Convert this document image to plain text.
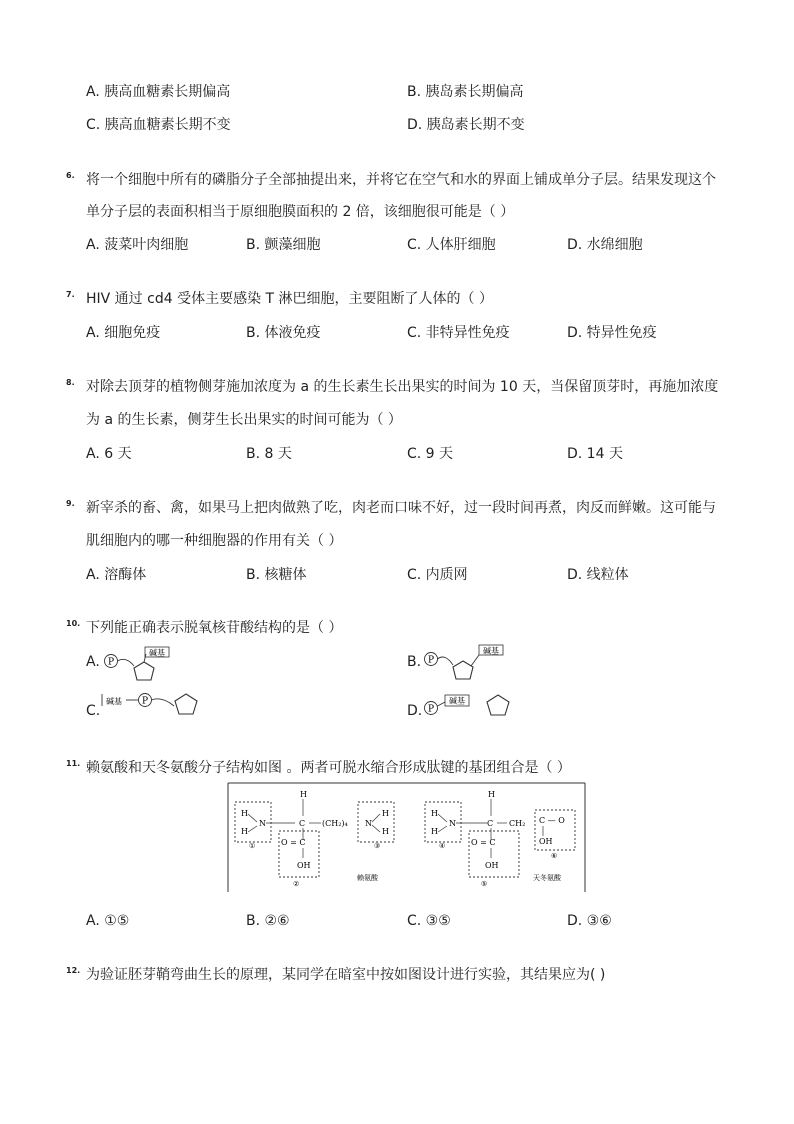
A. 胰高血糖素长期偏高	B. 胰岛素长期偏高
C. 胰高血糖素长期不变	D. 胰岛素长期不变
6. 将一个细胞中所有的磷脂分子全部抽提出来，并将它在空气和水的界面上铺成单分子层。结果发现这个
单分子层的表面积相当于原细胞膜面积的 2 倍，该细胞很可能是（ ）
A. 菠菜叶肉细胞	B. 颤藻细胞	C. 人体肝细胞	D. 水绵细胞
7. HIV 通过 cd4 受体主要感染 T 淋巴细胞，主要阻断了人体的（ ）
A. 细胞免疫	B. 体液免疫	C. 非特异性免疫	D. 特异性免疫
8. 对除去顶芽的植物侧芽施加浓度为 a 的生长素生长出果实的时间为 10 天，当保留顶芽时，再施加浓度
为 a 的生长素，侧芽生长出果实的时间可能为（ ）
A. 6 天	B. 8 天	C. 9 天	D. 14 天
9. 新宰杀的畜、禽，如果马上把肉做熟了吃，肉老而口味不好，过一段时间再煮，肉反而鲜嫩。这可能与
肌细胞内的哪一种细胞器的作用有关（ ）
A. 溶酶体	B. 核糖体	C. 内质网	D. 线粒体
10. 下列能正确表示脱氧核苷酸结构的是（ ）
A. P
碱基
B. P
碱基
C.
碱基 P
D. P
碱基
11. 赖氨酸和天冬氨酸分子结构如图 。两者可脱水缩合形成肽键的基团组合是（ ）
H
H
N
①
H
C (CH₂)₄
O = C
OH
②
N
H
H
③
赖氨酸
H
H
N
④
H
C CH₂
O = C
OH
⑤
C — O
OH
⑥
天冬氨酸
A. ①⑤	B. ②⑥	C. ③⑤	D. ③⑥
12. 为验证胚芽鞘弯曲生长的原理，某同学在暗室中按如图设计进行实验，其结果应为( )
